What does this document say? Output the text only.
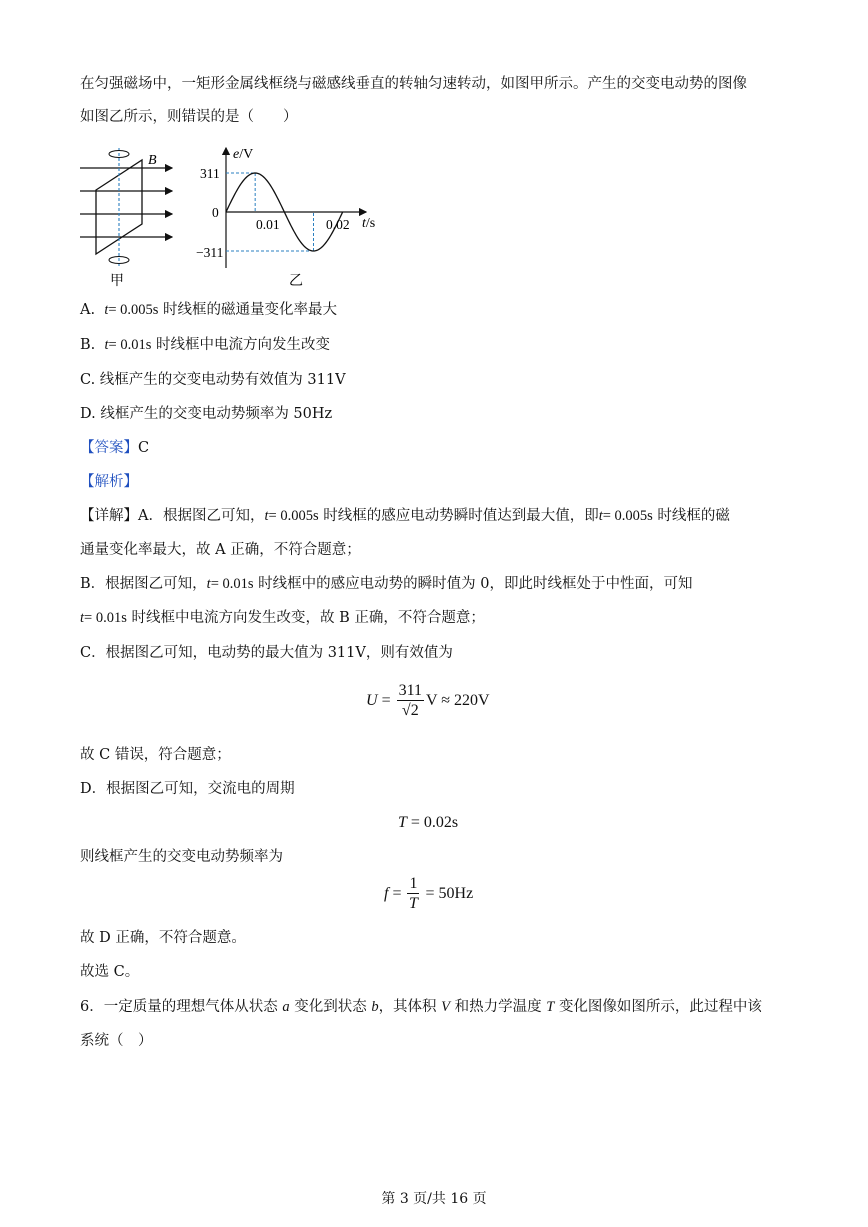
在匀强磁场中，一矩形金属线框绕与磁感线垂直的转轴匀速转动，如图甲所示。产生的交变电动势的图像
如图乙所示，则错误的是（　　）
B
甲
e/V
t/s
311
0
−311
0.01	0.02
乙
A. t= 0.005s 时线框的磁通量变化率最大
B. t= 0.01s 时线框中电流方向发生改变
C. 线框产生的交变电动势有效值为 311V
D. 线框产生的交变电动势频率为 50Hz
【答案】C
【解析】
【详解】A．根据图乙可知，t= 0.005s 时线框的感应电动势瞬时值达到最大值，即t= 0.005s 时线框的磁
通量变化率最大，故 A 正确，不符合题意；
B．根据图乙可知，t= 0.01s 时线框中的感应电动势的瞬时值为 0，即此时线框处于中性面，可知
t= 0.01s 时线框中电流方向发生改变，故 B 正确，不符合题意；
C．根据图乙可知，电动势的最大值为 311V，则有效值为
$U = \frac{311}{√2}$ V ≈ 220V
故 C 错误，符合题意；
D．根据图乙可知，交流电的周期
T = 0.02s
则线框产生的交变电动势频率为
$f = \frac{1}{T} = 50Hz$
故 D 正确，不符合题意。
故选 C。
6．一定质量的理想气体从状态 a 变化到状态 b，其体积 V 和热力学温度 T 变化图像如图所示，此过程中该
系统（　）
第 3 页/共 16 页
